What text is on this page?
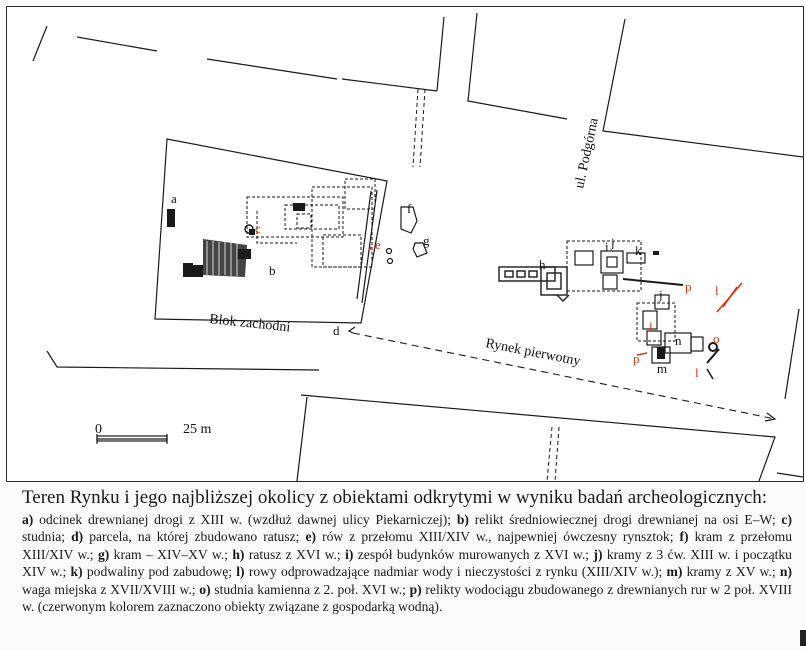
ul. Podgórna
Blok zachodni
Rynek pierwotny
0	25 m
a
b
c
d
e
f
g
h
i j
k
l
m
n o
p
j
l
l
p
Teren Rynku i jego najbliższej okolicy z obiektami odkrytymi w wyniku badań archeologicznych:
a) odcinek drewnianej drogi z XIII w. (wzdłuż dawnej ulicy Piekarniczej); b) relikt średniowiecznej drogi drewnianej na osi E–W; c) studnia; d) parcela, na której zbudowano ratusz; e) rów z przełomu XIII/XIV w., najpewniej ówczesny rynsztok; f) kram z przełomu XIII/XIV w.; g) kram – XIV–XV w.; h) ratusz z XVI w.; i) zespół budynków murowanych z XVI w.; j) kramy z 3 ćw. XIII w. i początku XIV w.; k) podwaliny pod zabudowę; l) rowy odprowadzające nadmiar wody i nieczystości z rynku (XIII/XIV w.); m) kramy z XV w.; n) waga miejska z XVII/XVIII w.; o) studnia kamienna z 2. poł. XVI w.; p) relikty wodociągu zbudowanego z drewnianych rur w 2 poł. XVIII w. (czerwonym kolorem zaznaczono obiekty związane z gospodarką wodną).
